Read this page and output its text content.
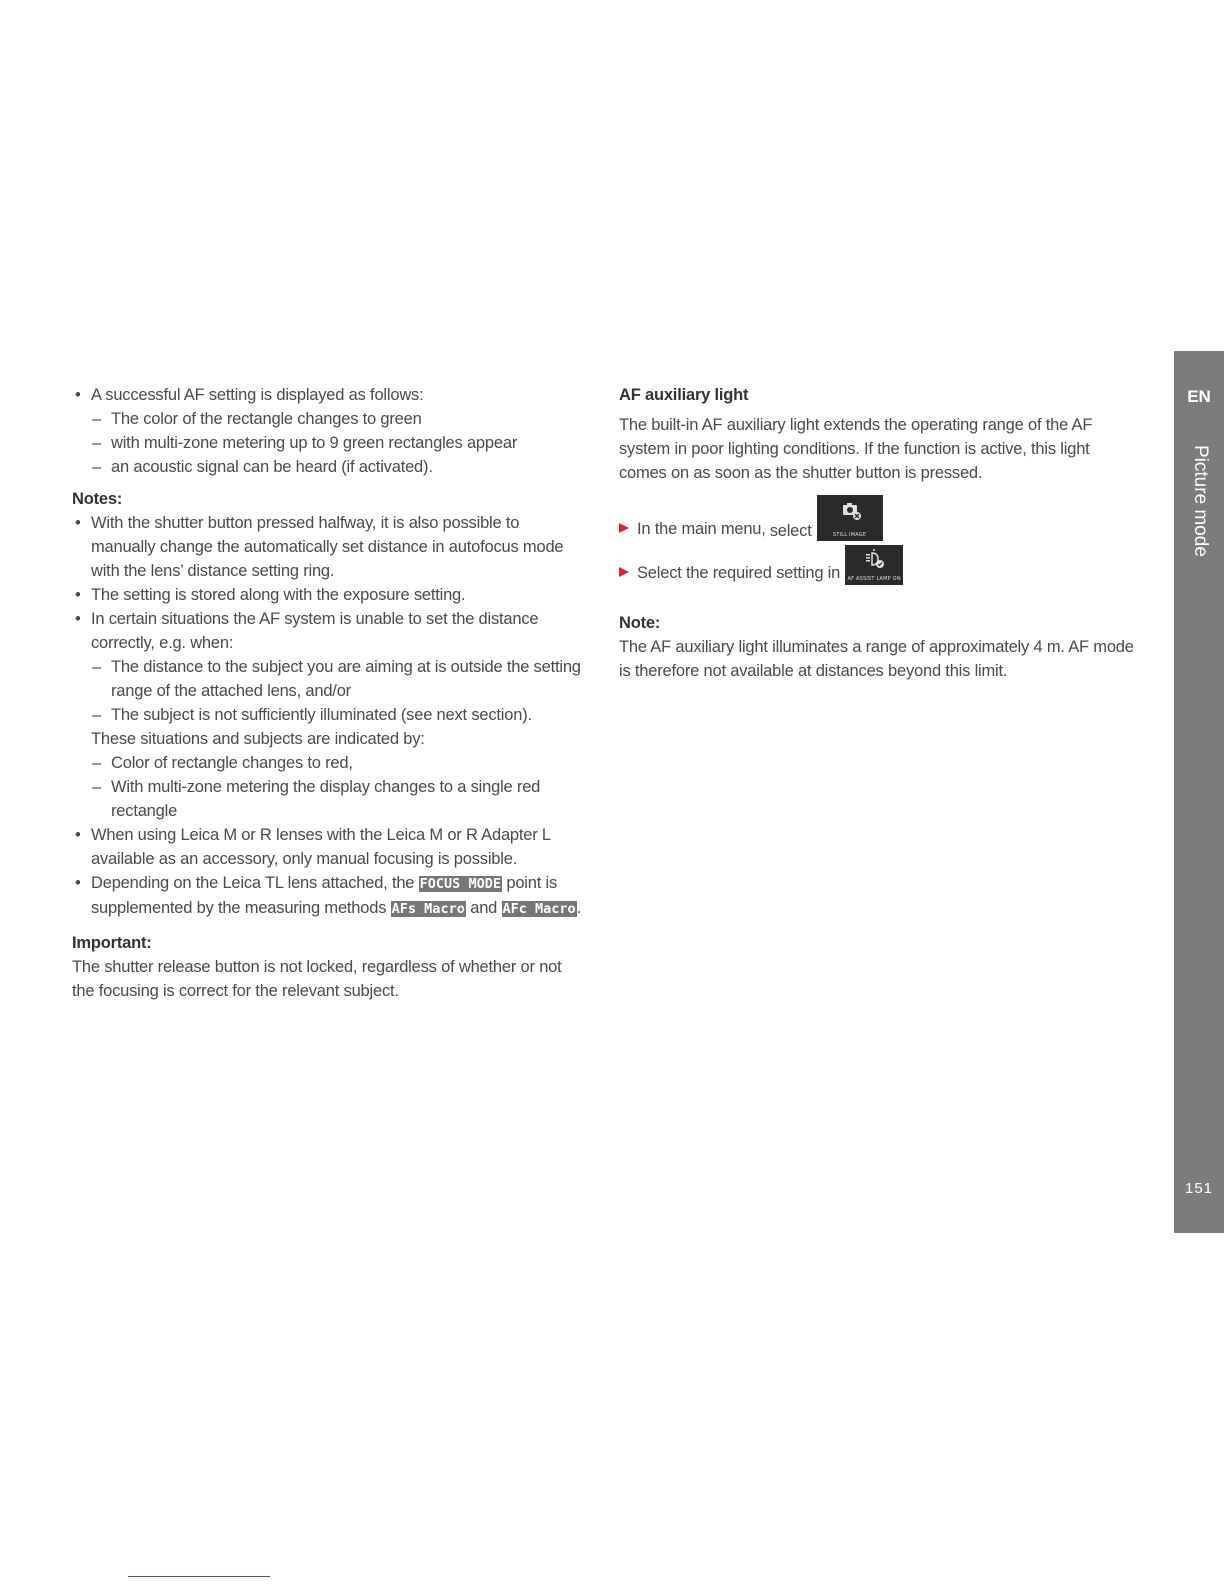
• A successful AF setting is displayed as follows:
– The color of the rectangle changes to green
– with multi-zone metering up to 9 green rectangles appear
– an acoustic signal can be heard (if activated).
Notes:
• With the shutter button pressed halfway, it is also possible to manually change the automatically set distance in autofocus mode with the lens’ distance setting ring.
• The setting is stored along with the exposure setting.
• In certain situations the AF system is unable to set the distance correctly, e.g. when:
– The distance to the subject you are aiming at is outside the setting range of the attached lens, and/or
– The subject is not sufficiently illuminated (see next section).
These situations and subjects are indicated by:
– Color of rectangle changes to red,
– With multi-zone metering the display changes to a single red rectangle
• When using Leica M or R lenses with the Leica M or R Adapter L available as an accessory, only manual focusing is possible.
• Depending on the Leica TL lens attached, the FOCUS MODE point is supplemented by the measuring methods AFs Macro and AFc Macro.
Important:
The shutter release button is not locked, regardless of whether or not the focusing is correct for the relevant subject.
AF auxiliary light
The built-in AF auxiliary light extends the operating range of the AF system in poor lighting conditions. If the function is active, this light comes on as soon as the shutter button is pressed.
In the main menu, select	STILL IMAGE
Select the required setting in	AF ASSIST LAMP ON
Note:
The AF auxiliary light illuminates a range of approximately 4 m. AF mode is therefore not available at distances beyond this limit.
EN
Picture mode
151
